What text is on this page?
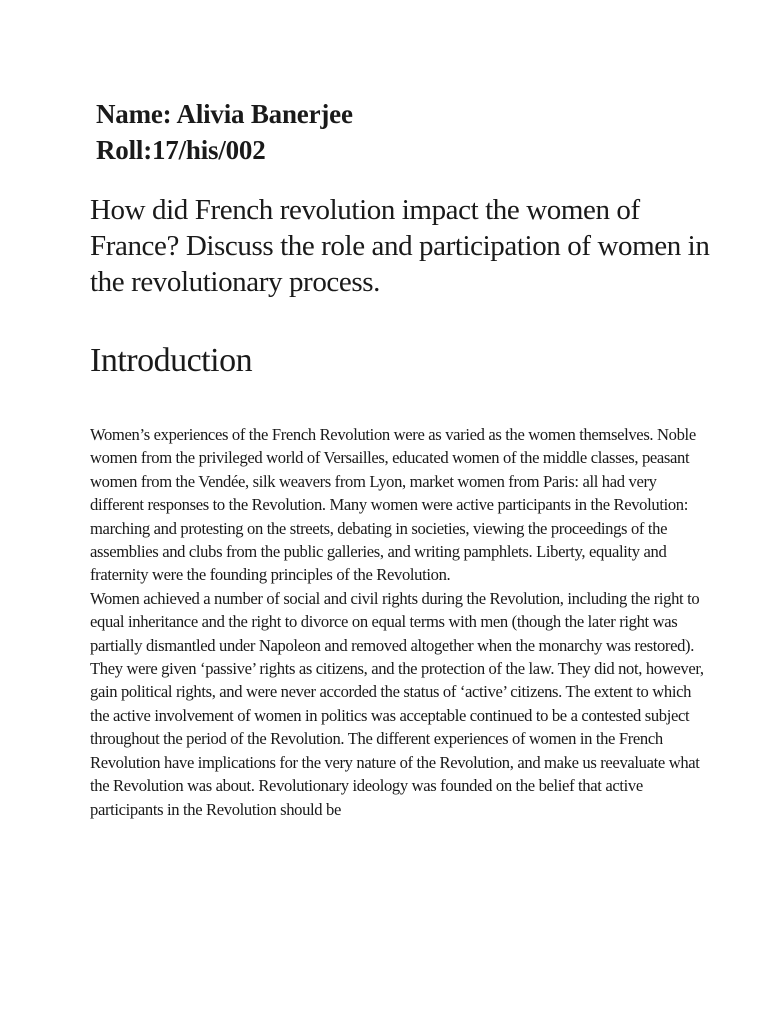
Name: Alivia Banerjee
Roll:17/his/002
How did French revolution impact the women of France? Discuss the role and participation of women in the revolutionary process.
Introduction

Women’s experiences of the French Revolution were as varied as the women themselves. Noble women from the privileged world of Versailles, educated women of the middle classes, peasant women from the Vendée, silk weavers from Lyon, market women from Paris: all had very different responses to the Revolution. Many women were active participants in the Revolution: marching and protesting on the streets, debating in societies, viewing the proceedings of the assemblies and clubs from the public galleries, and writing pamphlets. Liberty, equality and fraternity were the founding principles of the Revolution.

Women achieved a number of social and civil rights during the Revolution, including the right to equal inheritance and the right to divorce on equal terms with men (though the later right was partially dismantled under Napoleon and removed altogether when the monarchy was restored). They were given ‘passive’ rights as citizens, and the protection of the law. They did not, however, gain political rights, and were never accorded the status of ‘active’ citizens. The extent to which the active involvement of women in politics was acceptable continued to be a contested subject throughout the period of the Revolution. The different experiences of women in the French Revolution have implications for the very nature of the Revolution, and make us reevaluate what the Revolution was about. Revolutionary ideology was founded on the belief that active participants in the Revolution should be
